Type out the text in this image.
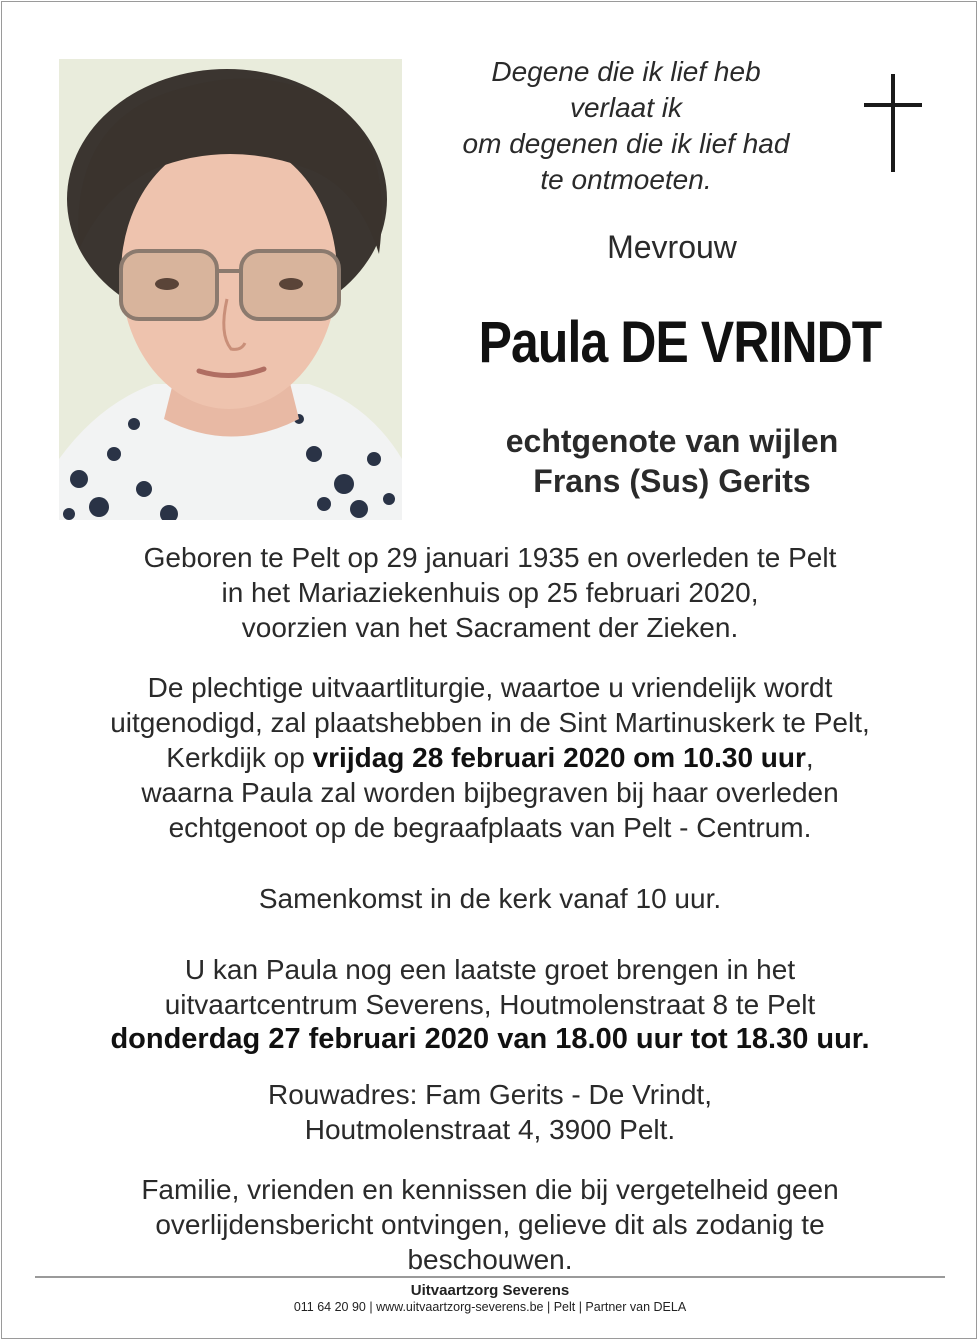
Degene die ik lief heb
verlaat ik
om degenen die ik lief had
te ontmoeten.
Mevrouw
Paula DE VRINDT
echtgenote van wijlen
Frans (Sus) Gerits
Geboren te Pelt op 29 januari 1935 en overleden te Pelt
in het Mariaziekenhuis op 25 februari 2020,
voorzien van het Sacrament der Zieken.
De plechtige uitvaartliturgie, waartoe u vriendelijk wordt
uitgenodigd, zal plaatshebben in de Sint Martinuskerk te Pelt,
Kerkdijk op vrijdag 28 februari 2020 om 10.30 uur,
waarna Paula zal worden bijbegraven bij haar overleden
echtgenoot op de begraafplaats van Pelt - Centrum.
Samenkomst in de kerk vanaf 10 uur.
U kan Paula nog een laatste groet brengen in het
uitvaartcentrum Severens, Houtmolenstraat 8 te Pelt
donderdag 27 februari 2020 van 18.00 uur tot 18.30 uur.
Rouwadres: Fam Gerits - De Vrindt,
Houtmolenstraat 4, 3900 Pelt.
Familie, vrienden en kennissen die bij vergetelheid geen
overlijdensbericht ontvingen, gelieve dit als zodanig te
beschouwen.
Uitvaartzorg Severens
011 64 20 90 | www.uitvaartzorg-severens.be | Pelt | Partner van DELA
